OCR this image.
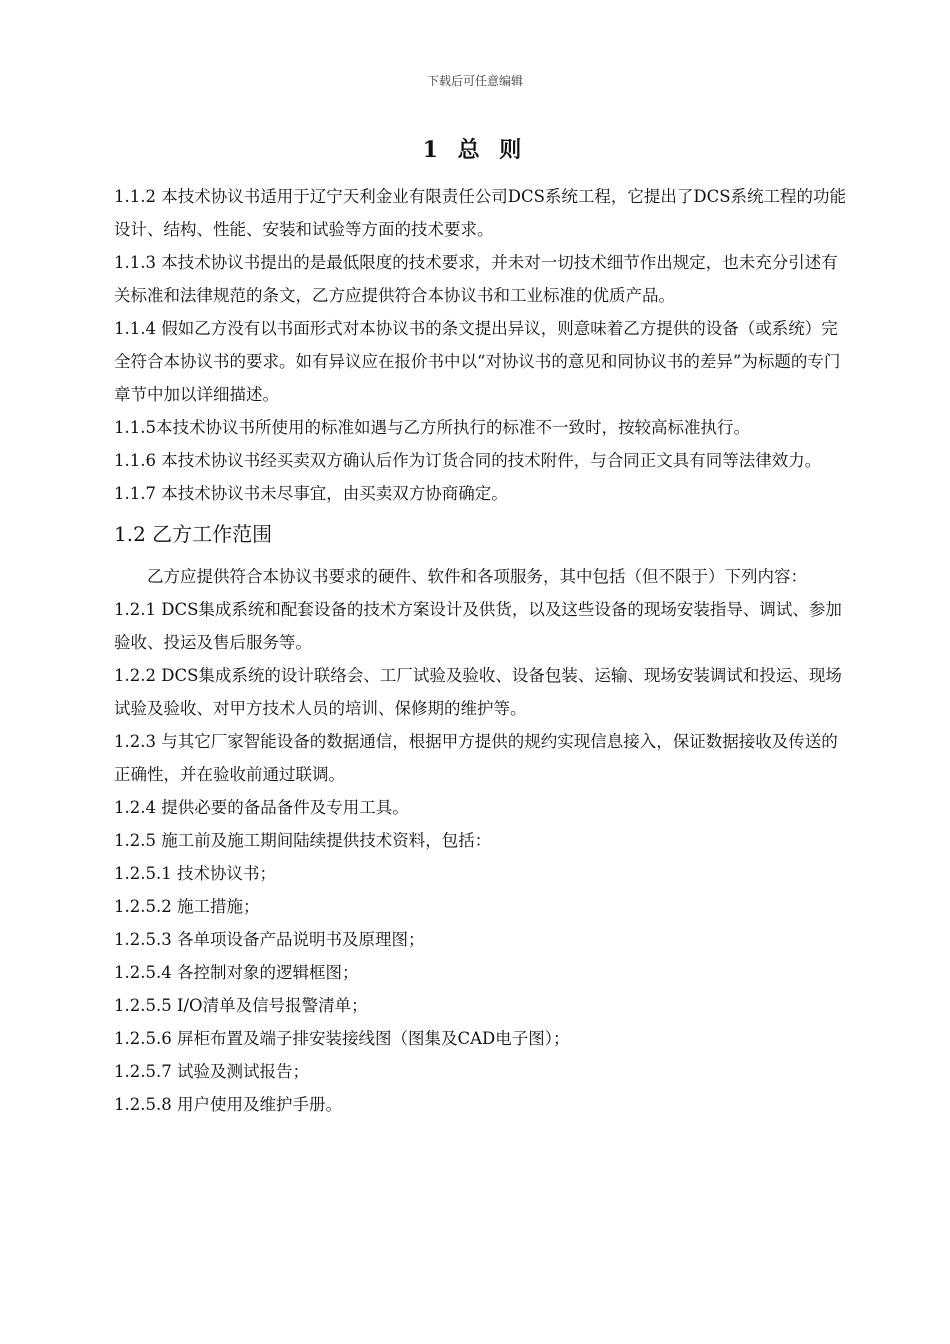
下载后可任意编辑
1 总 则

1.1.2 本技术协议书适用于辽宁天利金业有限责任公司DCS系统工程，它提出了DCS系统工程的功能设计、结构、性能、安装和试验等方面的技术要求。

1.1.3 本技术协议书提出的是最低限度的技术要求，并未对一切技术细节作出规定，也未充分引述有关标准和法律规范的条文，乙方应提供符合本协议书和工业标准的优质产品。

1.1.4 假如乙方没有以书面形式对本协议书的条文提出异议，则意味着乙方提供的设备（或系统）完全符合本协议书的要求。如有异议应在报价书中以“对协议书的意见和同协议书的差异”为标题的专门章节中加以详细描述。

1.1.5本技术协议书所使用的标准如遇与乙方所执行的标准不一致时，按较高标准执行。

1.1.6 本技术协议书经买卖双方确认后作为订货合同的技术附件，与合同正文具有同等法律效力。

1.1.7 本技术协议书未尽事宜，由买卖双方协商确定。

1.2 乙方工作范围

乙方应提供符合本协议书要求的硬件、软件和各项服务，其中包括（但不限于）下列内容：

1.2.1 DCS集成系统和配套设备的技术方案设计及供货，以及这些设备的现场安装指导、调试、参加验收、投运及售后服务等。

1.2.2 DCS集成系统的设计联络会、工厂试验及验收、设备包装、运输、现场安装调试和投运、现场试验及验收、对甲方技术人员的培训、保修期的维护等。

1.2.3 与其它厂家智能设备的数据通信，根据甲方提供的规约实现信息接入，保证数据接收及传送的正确性，并在验收前通过联调。

1.2.4 提供必要的备品备件及专用工具。

1.2.5 施工前及施工期间陆续提供技术资料，包括：

1.2.5.1 技术协议书；

1.2.5.2 施工措施；

1.2.5.3 各单项设备产品说明书及原理图；

1.2.5.4 各控制对象的逻辑框图；

1.2.5.5 I/O清单及信号报警清单；

1.2.5.6 屏柜布置及端子排安装接线图（图集及CAD电子图）；

1.2.5.7 试验及测试报告；

1.2.5.8 用户使用及维护手册。
